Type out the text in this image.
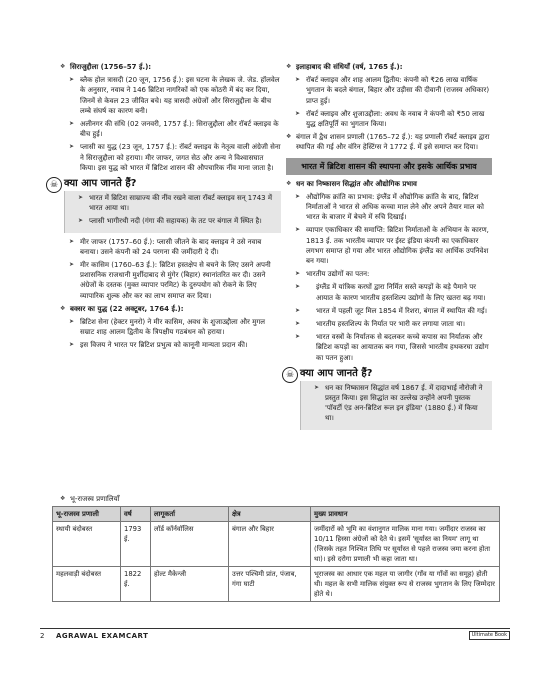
❖ सिराजुद्दौला (1756–57 ई.):
➤ ब्लैक होल त्रासदी (20 जून, 1756 ई.): इस घटना के लेखक जे. जेड. हॉलवेल के अनुसार, नवाब ने 146 ब्रिटिश नागरिकों को एक कोठरी में बंद कर दिया, जिनमें से केवल 23 जीवित बचे। यह त्रासदी अंग्रेजों और सिराजुद्दौला के बीच लम्बे संघर्ष का कारण बनी।
➤ अलीनगर की संधि (02 जनवरी, 1757 ई.): सिराजुद्दौला और रॉबर्ट क्लाइव के बीच हुई।
➤ प्लासी का युद्ध (23 जून, 1757 ई.): रॉबर्ट क्लाइव के नेतृत्व वाली अंग्रेजी सेना ने सिराजुद्दौला को हराया। मीर जाफर, जगत सेठ और अन्य ने विश्वासघात किया। इस युद्ध को भारत में ब्रिटिश शासन की औपचारिक नींव माना जाता है।
☠ क्या आप जानते हैं?
➤ भारत में ब्रिटिश साम्राज्य की नींव रखने वाला रॉबर्ट क्लाइव सन् 1743 में भारत आया था।
➤ प्लासी भागीरथी नदी (गंगा की सहायक) के तट पर बंगाल में स्थित है।
➤ मीर जाफर (1757–60 ई.): प्लासी जीतने के बाद क्लाइव ने उसे नवाब बनाया। उसने कंपनी को 24 परगना की जमींदारी दे दी।
➤ मीर कासिम (1760–63 ई.): ब्रिटिश हस्तक्षेप से बचने के लिए उसने अपनी प्रशासनिक राजधानी मुर्शीदाबाद से मुंगेर (बिहार) स्थानांतरित कर दी। उसने अंग्रेजों के दस्तक (मुक्त व्यापार परमिट) के दुरुपयोग को रोकने के लिए व्यापारिक शुल्क और कर का लाभ समाप्त कर दिया।
❖ बक्सर का युद्ध (22 अक्टूबर, 1764 ई.):
➤ ब्रिटिश सेना (हेक्टर मुनरो) ने मीर कासिम, अवध के शुजाउद्दौला और मुगल सम्राट शाह आलम द्वितीय के त्रिपक्षीय गठबंधन को हराया।
➤ इस विजय ने भारत पर ब्रिटिश प्रभुत्व को कानूनी मान्यता प्रदान की।
❖ इलाहाबाद की संधियाँ (वर्ष, 1765 ई.):
➤ रॉबर्ट क्लाइव और शाह आलम द्वितीय: कंपनी को ₹26 लाख वार्षिक भुगतान के बदले बंगाल, बिहार और उड़ीसा की दीवानी (राजस्व अधिकार) प्राप्त हुई।
➤ रॉबर्ट क्लाइव और शुजाउद्दौला: अवध के नवाब ने कंपनी को ₹50 लाख युद्ध क्षतिपूर्ति का भुगतान किया।
❖ बंगाल में द्वैध शासन प्रणाली (1765–72 ई.): यह प्रणाली रॉबर्ट क्लाइव द्वारा स्थापित की गई और वॉरेन हेस्टिंग्स ने 1772 ई. में इसे समाप्त कर दिया।
भारत में ब्रिटिश शासन की स्थापना और इसके आर्थिक प्रभाव
❖ धन का निष्कासन सिद्धांत और औद्योगिक प्रभाव
➤ औद्योगिक क्रांति का प्रभाव: इंग्लैंड में औद्योगिक क्रांति के बाद, ब्रिटिश निर्माताओं ने भारत से अधिक कच्चा माल लेने और अपने तैयार माल को भारत के बाजार में बेचने में रुचि दिखाई।
➤ व्यापार एकाधिकार की समाप्ति: ब्रिटिश निर्माताओं के अभियान के कारण, 1813 ई. तक भारतीय व्यापार पर ईस्ट इंडिया कंपनी का एकाधिकार लगभग समाप्त हो गया और भारत औद्योगिक इंग्लैंड का आर्थिक उपनिवेश बन गया।
➤ भारतीय उद्योगों का पतन:
➤ इंग्लैंड में यांत्रिक करघों द्वारा निर्मित सस्ते कपड़ों के बड़े पैमाने पर आयात के कारण भारतीय हस्तशिल्प उद्योगों के लिए खतरा बढ़ गया।
➤ भारत में पहली जूट मिल 1854 में रिशरा, बंगाल में स्थापित की गई।
➤ भारतीय हस्तशिल्प के निर्यात पर भारी कर लगाया जाता था।
➤ भारत वस्त्रों के निर्यातक से बदलकर कच्चे कपास का निर्यातक और ब्रिटिश कपड़ों का आयातक बन गया, जिससे भारतीय हथकरघा उद्योग का पतन हुआ।
☠ क्या आप जानते हैं?
➤ धन का निष्कासन सिद्धांत वर्ष 1867 ई. में दादाभाई नौरोजी ने प्रस्तुत किया। इस सिद्धांत का उल्लेख उन्होंने अपनी पुस्तक 'पॉवर्टी एंड अन-ब्रिटिश रूल इन इंडिया' (1880 ई.) में किया था।
❖ भू-राजस्व प्रणालियाँ
भू-राजस्व प्रणाली	वर्ष	लागूकर्ता	क्षेत्र	मुख्य प्रावधान
स्थायी बंदोबस्त	1793 ई.	लॉर्ड कॉर्नवॉलिस	बंगाल और बिहार	जमींदारों को भूमि का वंशानुगत मालिक माना गया। जमींदार राजस्व का 10/11 हिस्सा अंग्रेजों को देते थे। इसमें 'सूर्यास्त का नियम' लागू था (जिसके तहत निश्चित तिथि पर सूर्यास्त से पहले राजस्व जमा करना होता था)। इसे दरोगा प्रणाली भी कहा जाता था।
महलवाड़ी बंदोबस्त	1822 ई.	होल्ट मैकेन्जी	उत्तर पश्चिमी प्रांत, पंजाब, गंगा घाटी	भूराजस्व का आधार एक महल या जागीर (गाँव या गाँवों का समूह) होती थी। महल के सभी मालिक संयुक्त रूप से राजस्व भुगतान के लिए जिम्मेदार होते थे।
2 AGRAWAL EXAMCART	Ultimate Book
